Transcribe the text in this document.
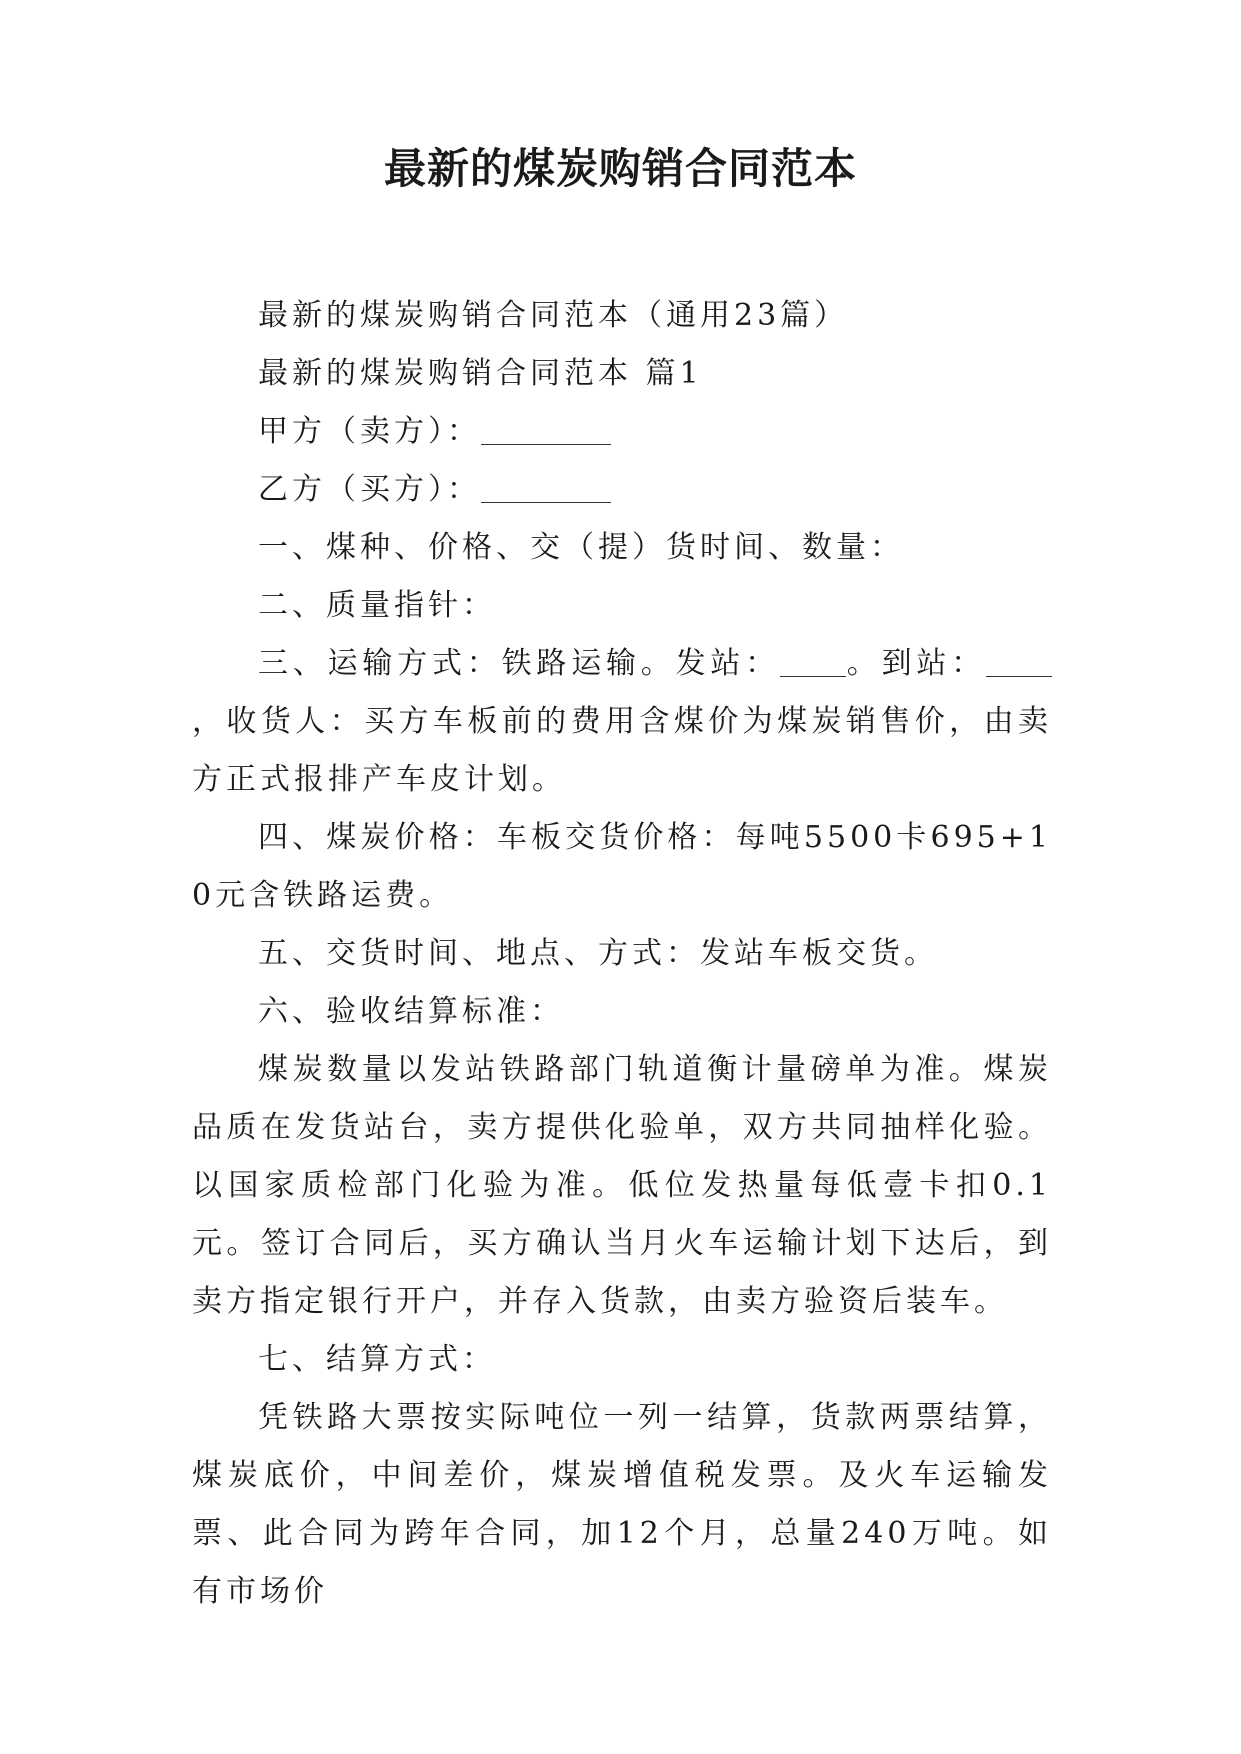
最新的煤炭购销合同范本

最新的煤炭购销合同范本（通用23篇）

最新的煤炭购销合同范本 篇1

甲方（卖方）：

乙方（买方）：

一、煤种、价格、交（提）货时间、数量：

二、质量指针：

三、运输方式：铁路运输。发站： 。到站：，收货人：买方车板前的费用含煤价为煤炭销售价，由卖方正式报排产车皮计划。

四、煤炭价格：车板交货价格：每吨5500卡695+10元含铁路运费。

五、交货时间、地点、方式：发站车板交货。

六、验收结算标准：

煤炭数量以发站铁路部门轨道衡计量磅单为准。煤炭品质在发货站台，卖方提供化验单，双方共同抽样化验。以国家质检部门化验为准。低位发热量每低壹卡扣0.1元。签订合同后，买方确认当月火车运输计划下达后，到卖方指定银行开户，并存入货款，由卖方验资后装车。

七、结算方式：

凭铁路大票按实际吨位一列一结算，货款两票结算，煤炭底价，中间差价，煤炭增值税发票。及火车运输发票、此合同为跨年合同，加12个月，总量240万吨。如有市场价
